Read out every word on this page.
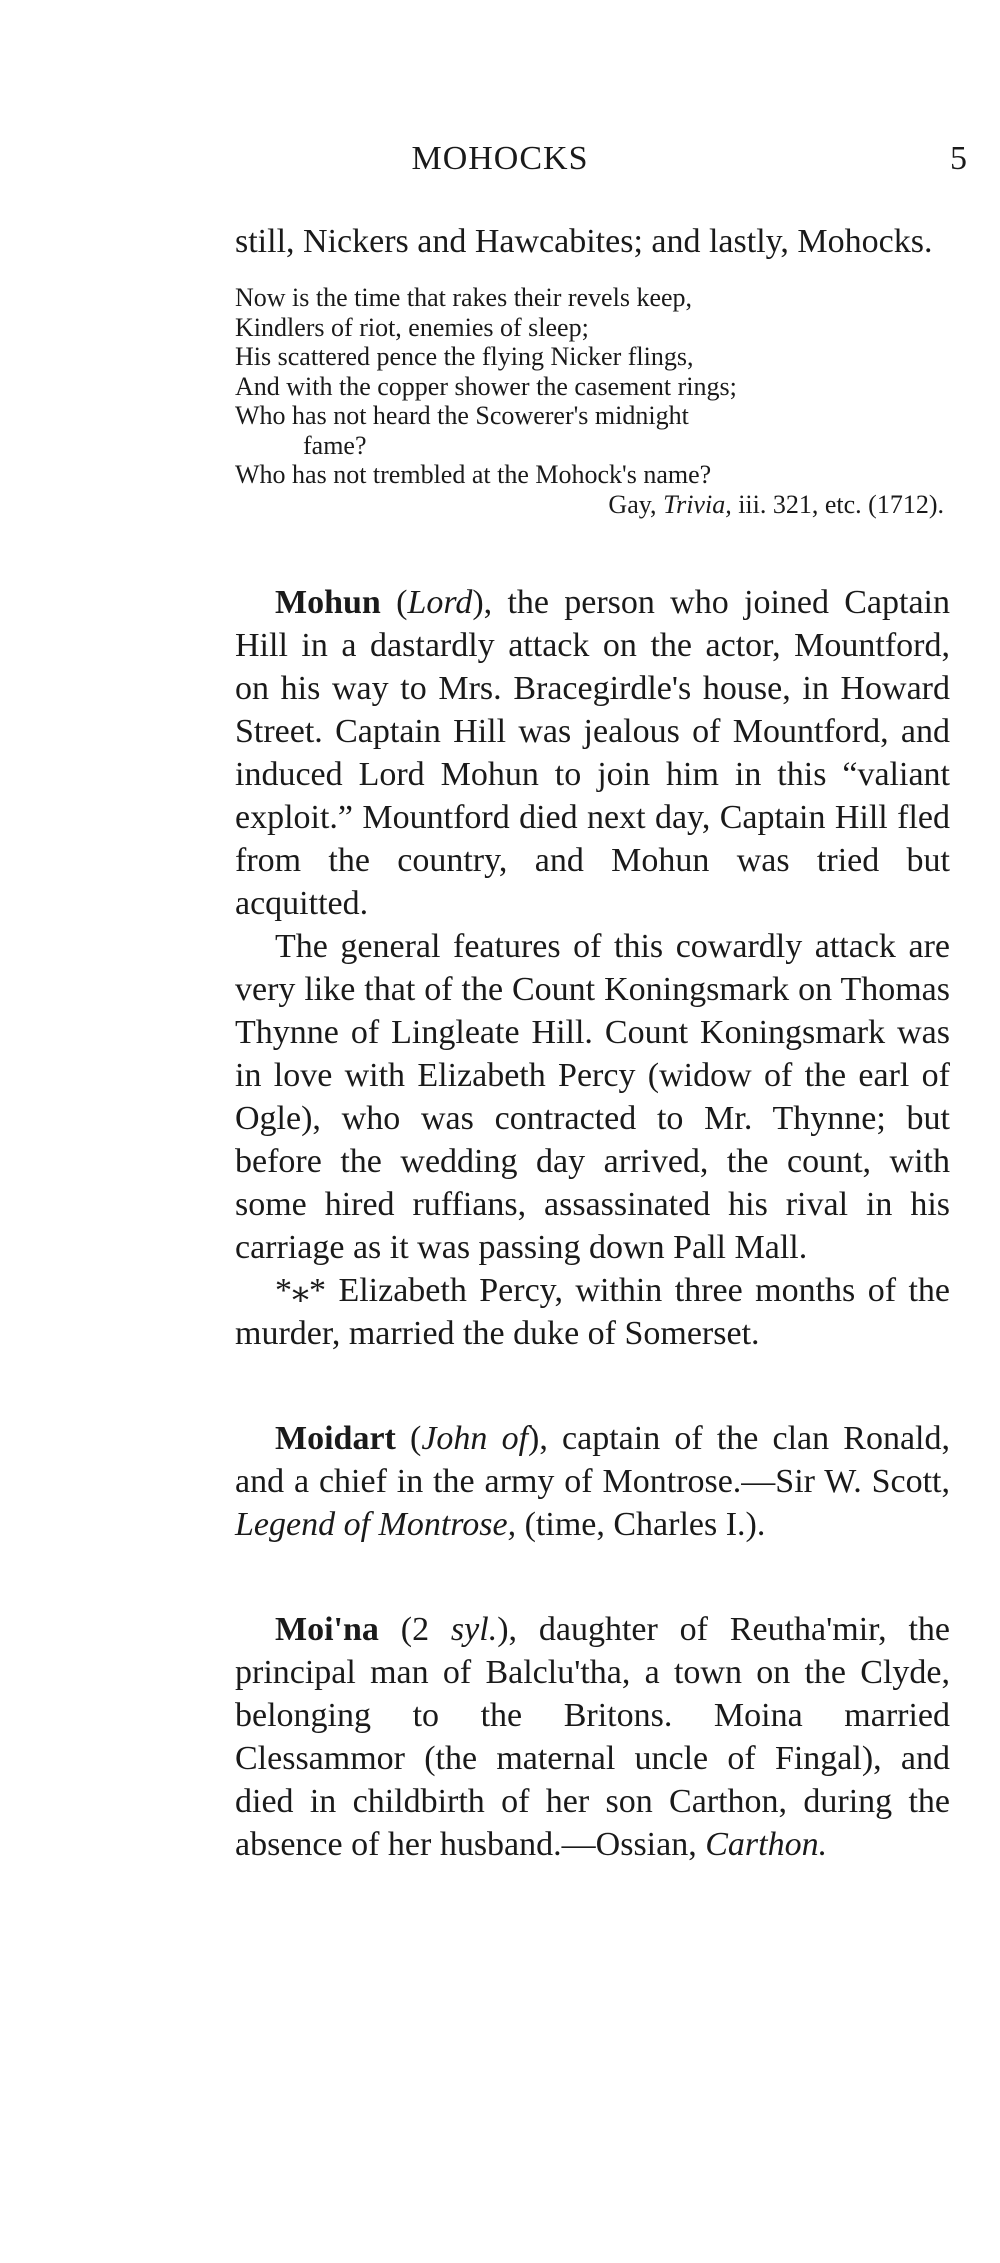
MOHOCKS	5

still, Nickers and Hawcabites; and lastly, Mohocks.

Now is the time that rakes their revels keep,
Kindlers of riot, enemies of sleep;
His scattered pence the flying Nicker flings,
And with the copper shower the casement rings;
Who has not heard the Scowerer's midnight
fame?
Who has not trembled at the Mohock's name?
Gay, Trivia, iii. 321, etc. (1712).

Mohun (Lord), the person who joined Captain Hill in a dastardly attack on the actor, Mountford, on his way to Mrs. Bracegirdle's house, in Howard Street. Captain Hill was jealous of Mountford, and induced Lord Mohun to join him in this “valiant exploit.” Mountford died next day, Captain Hill fled from the country, and Mohun was tried but acquitted.

The general features of this cowardly attack are very like that of the Count Koningsmark on Thomas Thynne of Lingleate Hill. Count Koningsmark was in love with Elizabeth Percy (widow of the earl of Ogle), who was contracted to Mr. Thynne; but before the wedding day arrived, the count, with some hired ruffians, assassinated his rival in his carriage as it was passing down Pall Mall.

*⁎* Elizabeth Percy, within three months of the murder, married the duke of Somerset.

Moidart (John of), captain of the clan Ronald, and a chief in the army of Montrose.—Sir W. Scott, Legend of Montrose, (time, Charles I.).

Moi'na (2 syl.), daughter of Reutha'mir, the principal man of Balclu'tha, a town on the Clyde, belonging to the Britons. Moina married Clessammor (the maternal uncle of Fingal), and died in childbirth of her son Carthon, during the absence of her husband.—Ossian, Carthon.
